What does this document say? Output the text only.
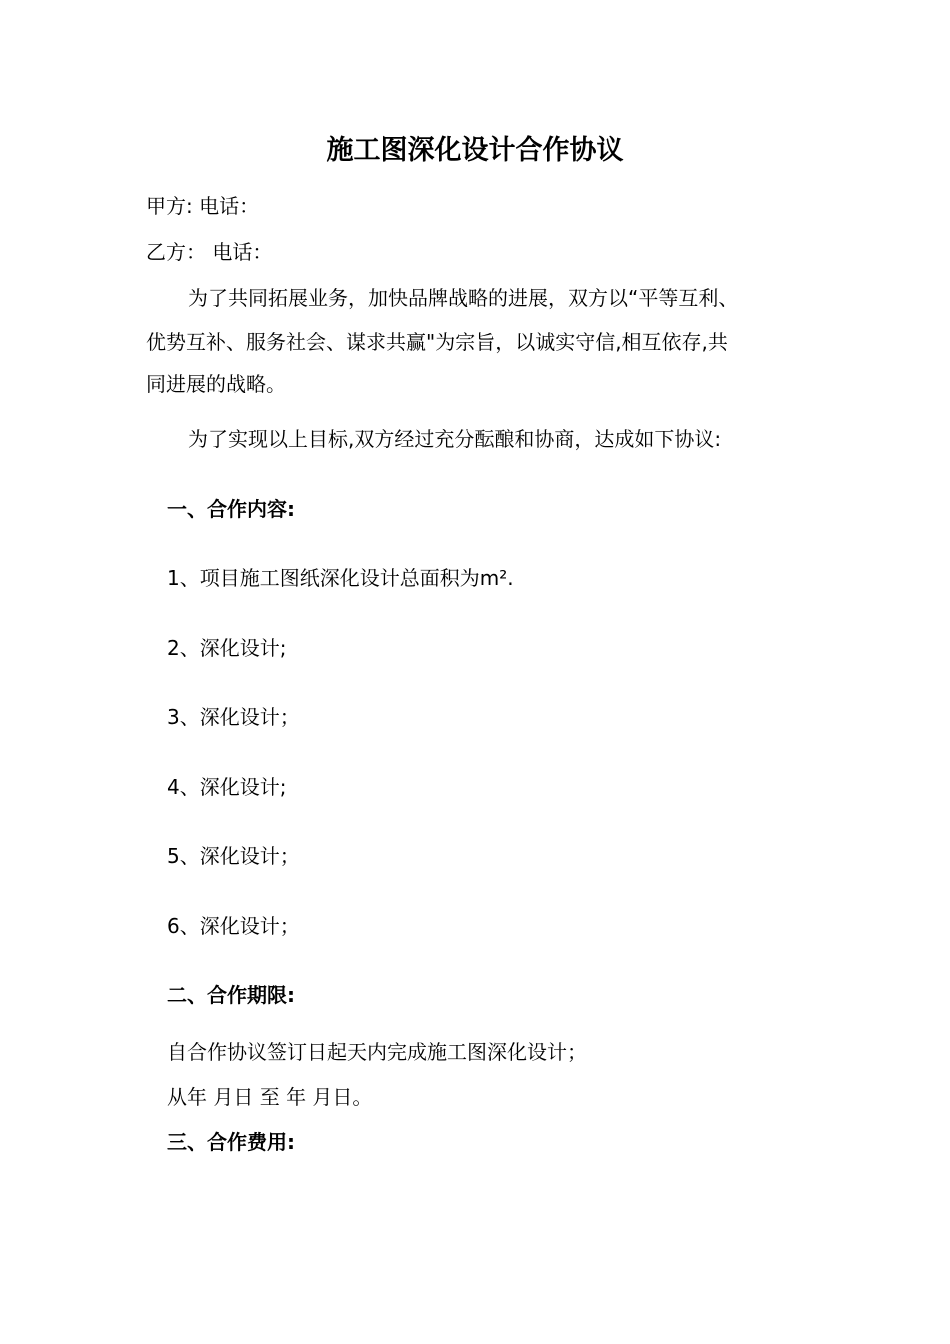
施工图深化设计合作协议
甲方: 电话：
乙方： 电话：
为了共同拓展业务，加快品牌战略的进展，双方以“平等互利、
优势互补、服务社会、谋求共赢"为宗旨，以诚实守信,相互依存,共
同进展的战略。
为了实现以上目标,双方经过充分酝酿和协商，达成如下协议:
一、合作内容:
1、项目施工图纸深化设计总面积为m².
2、深化设计;
3、深化设计；
4、深化设计;
5、深化设计；
6、深化设计；
二、合作期限:
自合作协议签订日起天内完成施工图深化设计；
从年 月日 至 年 月日。
三、合作费用:
